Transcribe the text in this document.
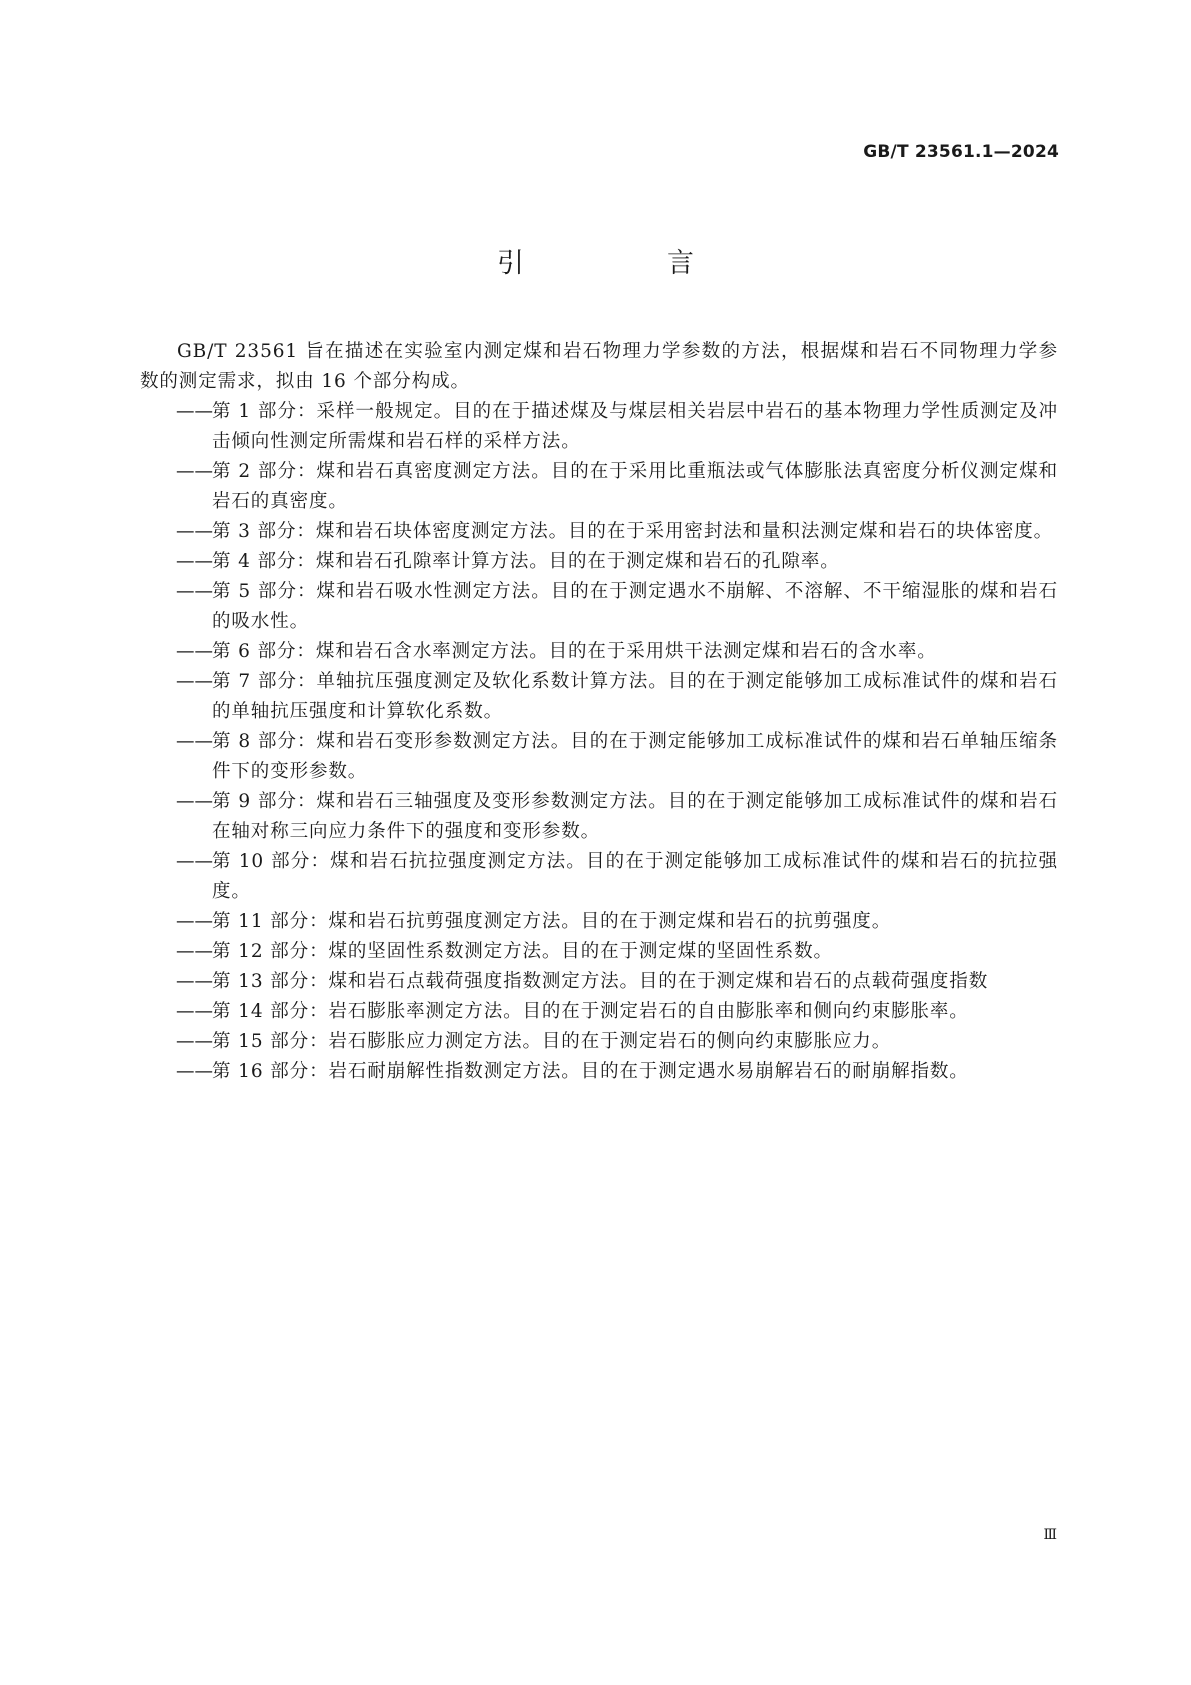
GB/T 23561.1—2024
引　言

GB/T 23561 旨在描述在实验室内测定煤和岩石物理力学参数的方法，根据煤和岩石不同物理力学参数的测定需求，拟由 16 个部分构成。

—— 第 1 部分：采样一般规定。目的在于描述煤及与煤层相关岩层中岩石的基本物理力学性质测定及冲击倾向性测定所需煤和岩石样的采样方法。
—— 第 2 部分：煤和岩石真密度测定方法。目的在于采用比重瓶法或气体膨胀法真密度分析仪测定煤和岩石的真密度。
—— 第 3 部分：煤和岩石块体密度测定方法。目的在于采用密封法和量积法测定煤和岩石的块体密度。
—— 第 4 部分：煤和岩石孔隙率计算方法。目的在于测定煤和岩石的孔隙率。
—— 第 5 部分：煤和岩石吸水性测定方法。目的在于测定遇水不崩解、不溶解、不干缩湿胀的煤和岩石的吸水性。
—— 第 6 部分：煤和岩石含水率测定方法。目的在于采用烘干法测定煤和岩石的含水率。
—— 第 7 部分：单轴抗压强度测定及软化系数计算方法。目的在于测定能够加工成标准试件的煤和岩石的单轴抗压强度和计算软化系数。
—— 第 8 部分：煤和岩石变形参数测定方法。目的在于测定能够加工成标准试件的煤和岩石单轴压缩条件下的变形参数。
—— 第 9 部分：煤和岩石三轴强度及变形参数测定方法。目的在于测定能够加工成标准试件的煤和岩石在轴对称三向应力条件下的强度和变形参数。
—— 第 10 部分：煤和岩石抗拉强度测定方法。目的在于测定能够加工成标准试件的煤和岩石的抗拉强度。
—— 第 11 部分：煤和岩石抗剪强度测定方法。目的在于测定煤和岩石的抗剪强度。
—— 第 12 部分：煤的坚固性系数测定方法。目的在于测定煤的坚固性系数。
—— 第 13 部分：煤和岩石点载荷强度指数测定方法。目的在于测定煤和岩石的点载荷强度指数
—— 第 14 部分：岩石膨胀率测定方法。目的在于测定岩石的自由膨胀率和侧向约束膨胀率。
—— 第 15 部分：岩石膨胀应力测定方法。目的在于测定岩石的侧向约束膨胀应力。
—— 第 16 部分：岩石耐崩解性指数测定方法。目的在于测定遇水易崩解岩石的耐崩解指数。
Ⅲ
